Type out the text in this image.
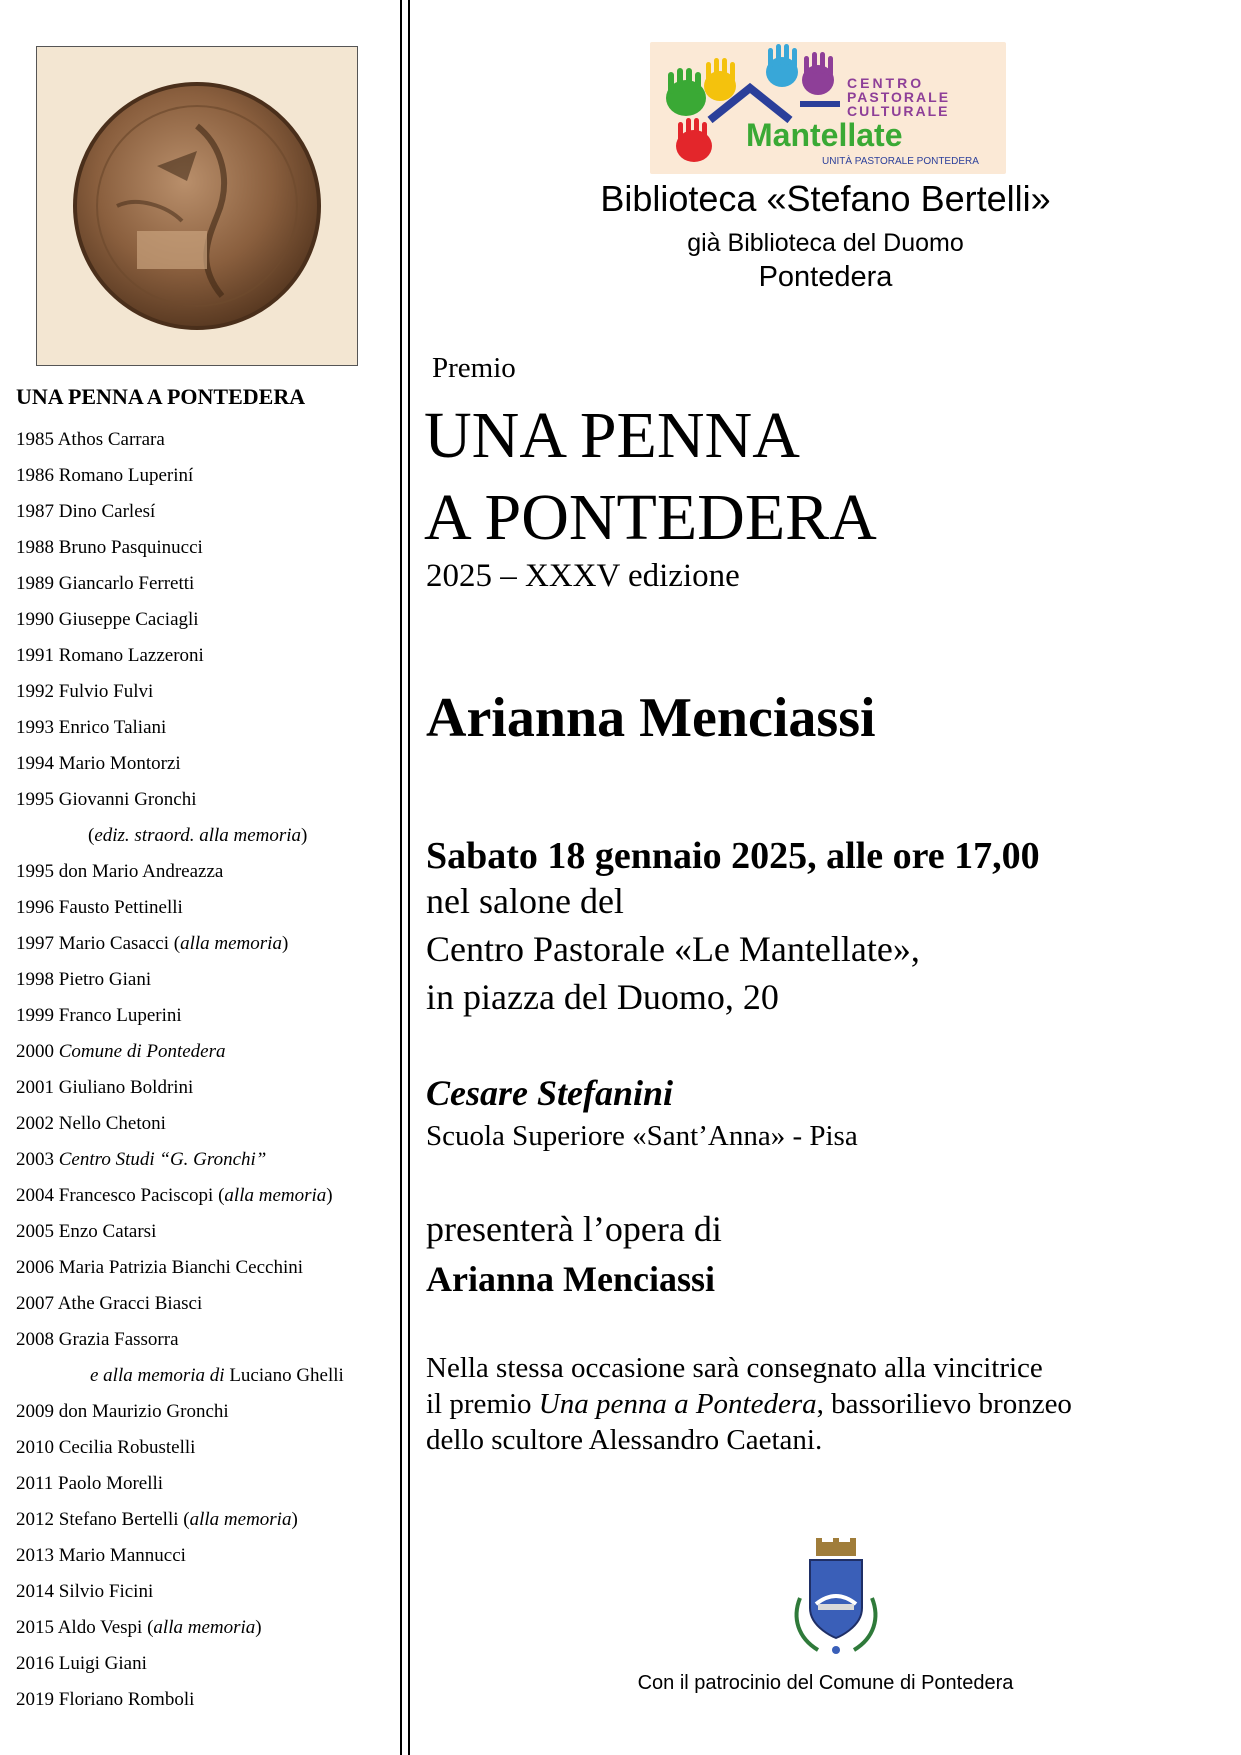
UNA PENNA A PONTEDERA

1985 Athos Carrara
1986 Romano Luperiní
1987 Dino Carlesí
1988 Bruno Pasquinucci
1989 Giancarlo Ferretti
1990 Giuseppe Caciagli
1991 Romano Lazzeroni
1992 Fulvio Fulvi
1993 Enrico Taliani
1994 Mario Montorzi
1995 Giovanni Gronchi
(ediz. straord. alla memoria)
1995 don Mario Andreazza
1996 Fausto Pettinelli
1997 Mario Casacci (alla memoria)
1998 Pietro Giani
1999 Franco Luperini
2000 Comune di Pontedera
2001 Giuliano Boldrini
2002 Nello Chetoni
2003 Centro Studi “G. Gronchi”
2004 Francesco Paciscopi (alla memoria)
2005 Enzo Catarsi
2006 Maria Patrizia Bianchi Cecchini
2007 Athe Gracci Biasci
2008 Grazia Fassorra
e alla memoria di Luciano Ghelli
2009 don Maurizio Gronchi
2010 Cecilia Robustelli
2011 Paolo Morelli
2012 Stefano Bertelli (alla memoria)
2013 Mario Mannucci
2014 Silvio Ficini
2015 Aldo Vespi (alla memoria)
2016 Luigi Giani
2019 Floriano Romboli
CENTRO
PASTORALE
CULTURALE
Mantellate
UNITÀ PASTORALE PONTEDERA
Biblioteca «Stefano Bertelli»
già Biblioteca del Duomo
Pontedera

Premio

UNA PENNA

A PONTEDERA

2025 – XXXV edizione

Arianna Menciassi

Sabato 18 gennaio 2025, alle ore 17,00

nel salone del

Centro Pastorale «Le Mantellate»,

in piazza del Duomo, 20

Cesare Stefanini

Scuola Superiore «Sant’Anna» - Pisa

presenterà l’opera di

Arianna Menciassi

Nella stessa occasione sarà consegnato alla vincitrice

il premio Una penna a Pontedera, bassorilievo bronzeo

dello scultore Alessandro Caetani.

Con il patrocinio del Comune di Pontedera
